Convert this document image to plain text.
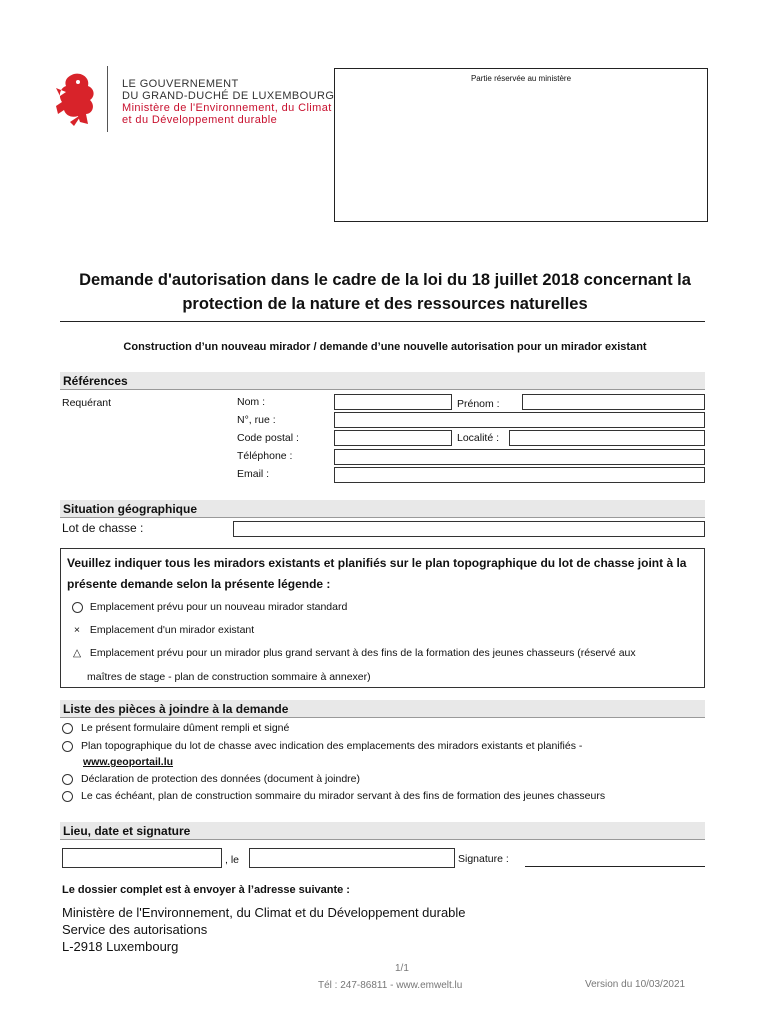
LE GOUVERNEMENT
DU GRAND-DUCHÉ DE LUXEMBOURG
Ministère de l'Environnement, du Climat
et du Développement durable
Partie réservée au ministère
Demande d'autorisation dans le cadre de la loi du 18 juillet 2018 concernant la
protection de la nature et des ressources naturelles
Construction d’un nouveau mirador / demande d’une nouvelle autorisation pour un mirador existant
Références
Requérant	Nom :	Prénom :
N°, rue :
Code postal :	Localité :
Téléphone :
Email :
Situation géographique
Lot de chasse :
Veuillez indiquer tous les miradors existants et planifiés sur le plan topographique du lot de chasse joint à la présente demande selon la présente légende :
Emplacement prévu pour un nouveau mirador standard
× Emplacement d'un mirador existant
△ Emplacement prévu pour un mirador plus grand servant à des fins de la formation des jeunes chasseurs (réservé aux
maîtres de stage - plan de construction sommaire à annexer)
Liste des pièces à joindre à la demande
Le présent formulaire dûment rempli et signé
Plan topographique du lot de chasse avec indication des emplacements des miradors existants et planifiés -
www.geoportail.lu
Déclaration de protection des données (document à joindre)
Le cas échéant, plan de construction sommaire du mirador servant à des fins de formation des jeunes chasseurs
Lieu, date et signature
, le	Signature :
Le dossier complet est à envoyer à l’adresse suivante :
Ministère de l'Environnement, du Climat et du Développement durable
Service des autorisations
L-2918 Luxembourg
1/1
Tél : 247-86811 - www.emwelt.lu	Version du 10/03/2021
